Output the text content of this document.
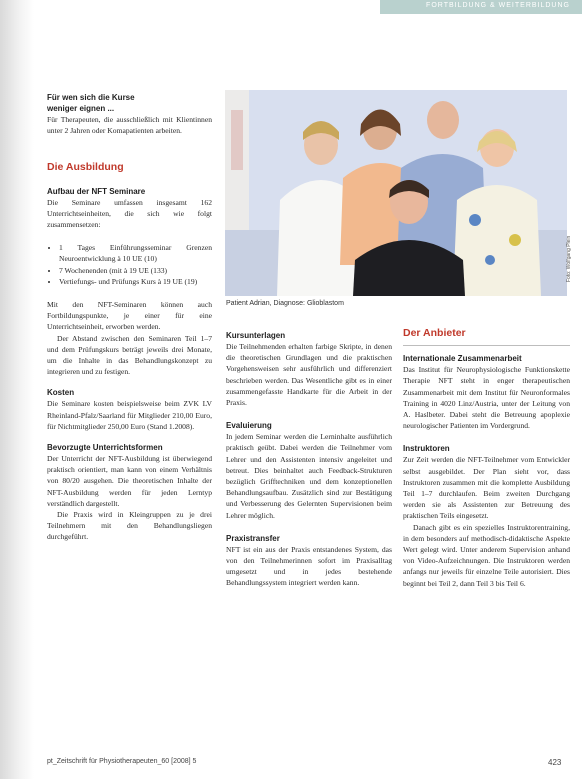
FORTBILDUNG & WEITERBILDUNG

Für wen sich die Kurse

weniger eignen ...

Für Therapeuten, die ausschließlich mit Klientinnen unter 2 Jahren oder Komapatienten arbeiten.

Die Ausbildung

Aufbau der NFT Seminare

Die Seminare umfassen insgesamt 162 Unterrichtseinheiten, die sich wie folgt zusammensetzen:

• 1 Tages Einführungsseminar Grenzen Neuroentwicklung à 10 UE (10)
• 7 Wochenenden (mit à 19 UE (133)
• Vertiefungs- und Prüfungs Kurs à 19 UE (19)

Mit den NFT-Seminaren können auch Fortbildungspunkte, je einer für eine Unterrichtseinheit, erworben werden.

Der Abstand zwischen den Seminaren Teil 1–7 und dem Prüfungskurs beträgt jeweils drei Monate, um die Inhalte in das Behandlungskonzept zu integrieren und zu festigen.

Kosten

Die Seminare kosten beispielsweise beim ZVK LV Rheinland-Pfalz/Saarland für Mitglieder 210,00 Euro, für Nichtmitglieder 250,00 Euro (Stand 1.2008).

Bevorzugte Unterrichtsformen

Der Unterricht der NFT-Ausbildung ist überwiegend praktisch orientiert, man kann von einem Verhältnis von 80/20 ausgehen. Die theoretischen Inhalte der NFT-Ausbildung werden für jeden Lerntyp verständlich dargestellt.

Die Praxis wird in Kleingruppen zu je drei Teilnehmern mit den Behandlungsliegen durchgeführt.

Patient Adrian, Diagnose: Glioblastom
Foto: Wolfgang Plein

Kursunterlagen

Die Teilnehmenden erhalten farbige Skripte, in denen die theoretischen Grundlagen und die praktischen Vorgehensweisen sehr ausführlich und differenziert beschrieben werden. Das Wesentliche gibt es in einer zusammengefasste Handkarte für die Arbeit in der Praxis.

Evaluierung

In jedem Seminar werden die Lerninhalte ausführlich praktisch geübt. Dabei werden die Teilnehmer vom Lehrer und den Assistenten intensiv angeleitet und betreut. Dies beinhaltet auch Feedback-Strukturen bezüglich Grifftechniken und dem konzeptionellen Behandlungsaufbau. Zusätzlich sind zur Bestätigung und Verbesserung des Gelernten Supervisionen beim Lehrer möglich.

Praxistransfer

NFT ist ein aus der Praxis entstandenes System, das von den Teilnehmerinnen sofort im Praxisalltag umgesetzt und in jedes bestehende Behandlungssystem integriert werden kann.

Der Anbieter

Internationale Zusammenarbeit

Das Institut für Neurophysiologische Funktionskette Therapie NFT steht in enger therapeutischen Zusammenarbeit mit dem Institut für Neuronformales Training in 4020 Linz/Austria, unter der Leitung von A. Haslbeter. Dabei steht die Betreuung apoplexie neurologischer Patienten im Vordergrund.

Instruktoren

Zur Zeit werden die NFT-Teilnehmer vom Entwickler selbst ausgebildet. Der Plan sieht vor, dass Instruktoren zusammen mit die komplette Ausbildung Teil 1–7 durchlaufen. Beim zweiten Durchgang werden sie als Assistenten zur Betreuung des praktischen Teils eingesetzt.

Danach gibt es ein spezielles Instruktorentraining, in dem besonders auf methodisch-didaktische Aspekte Wert gelegt wird. Unter anderem Supervision anhand von Video-Aufzeichnungen. Die Instruktoren werden anfangs nur jeweils für einzelne Teile autorisiert. Dies beginnt bei Teil 2, dann Teil 3 bis Teil 6.

pt_Zeitschrift für Physiotherapeuten_60 [2008] 5	423
